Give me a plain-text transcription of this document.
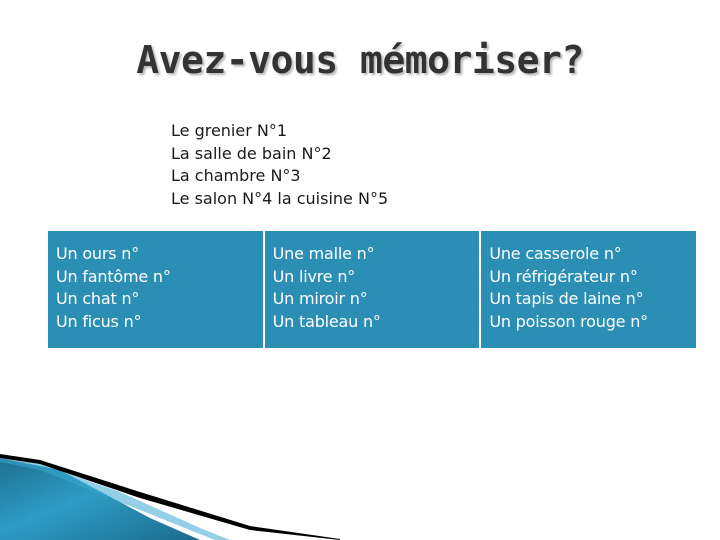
Avez-vous mémoriser?
Le grenier N°1
La salle de bain N°2
La chambre N°3
Le salon N°4 la cuisine N°5
Un ours n°
Un fantôme n°
Un chat n°
Un ficus n°
Une malle n°
Un livre n°
Un miroir n°
Un tableau n°
Une casserole n°
Un réfrigérateur n°
Un tapis de laine n°
Un poisson rouge n°
